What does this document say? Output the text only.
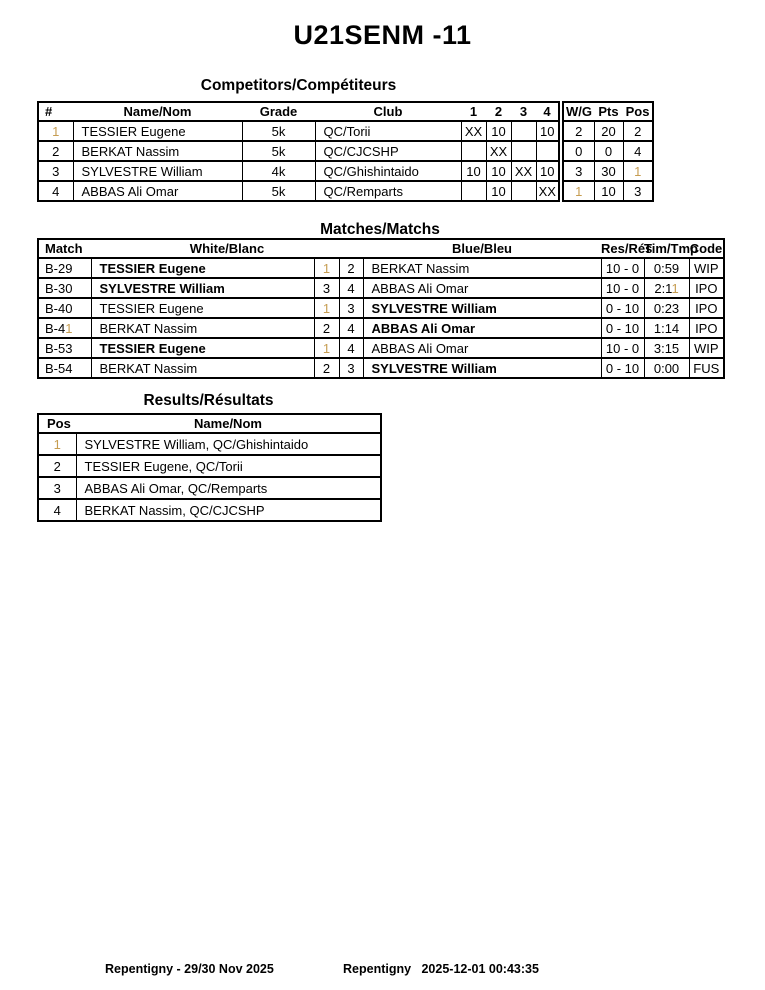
U21SENM -11
Competitors/Compétiteurs
#	Name/Nom	Grade	Club	1	2	3	4	W/G	Pts	Pos
1	TESSIER Eugene	5k	QC/Torii	XX	10		10	2	20	2
2	BERKAT Nassim	5k	QC/CJCSHP		XX			0	0	4
3	SYLVESTRE William	4k	QC/Ghishintaido	10	10	XX	10	3	30	1
4	ABBAS Ali Omar	5k	QC/Remparts		10		XX	1	10	3
Matches/Matchs
Match	White/Blanc			Blue/Bleu	Res/Rés	Tim/Tmp	Code
B-29	TESSIER Eugene	1	2	BERKAT Nassim	10 - 0	0:59	WIP
B-30	SYLVESTRE William	3	4	ABBAS Ali Omar	10 - 0	2:11	IPO
B-40	TESSIER Eugene	1	3	SYLVESTRE William	0 - 10	0:23	IPO
B-41	BERKAT Nassim	2	4	ABBAS Ali Omar	0 - 10	1:14	IPO
B-53	TESSIER Eugene	1	4	ABBAS Ali Omar	10 - 0	3:15	WIP
B-54	BERKAT Nassim	2	3	SYLVESTRE William	0 - 10	0:00	FUS
Results/Résultats
Pos	Name/Nom
1	SYLVESTRE William, QC/Ghishintaido
2	TESSIER Eugene, QC/Torii
3	ABBAS Ali Omar, QC/Remparts
4	BERKAT Nassim, QC/CJCSHP
Repentigny - 29/30 Nov 2025	Repentigny   2025-12-01 00:43:35
